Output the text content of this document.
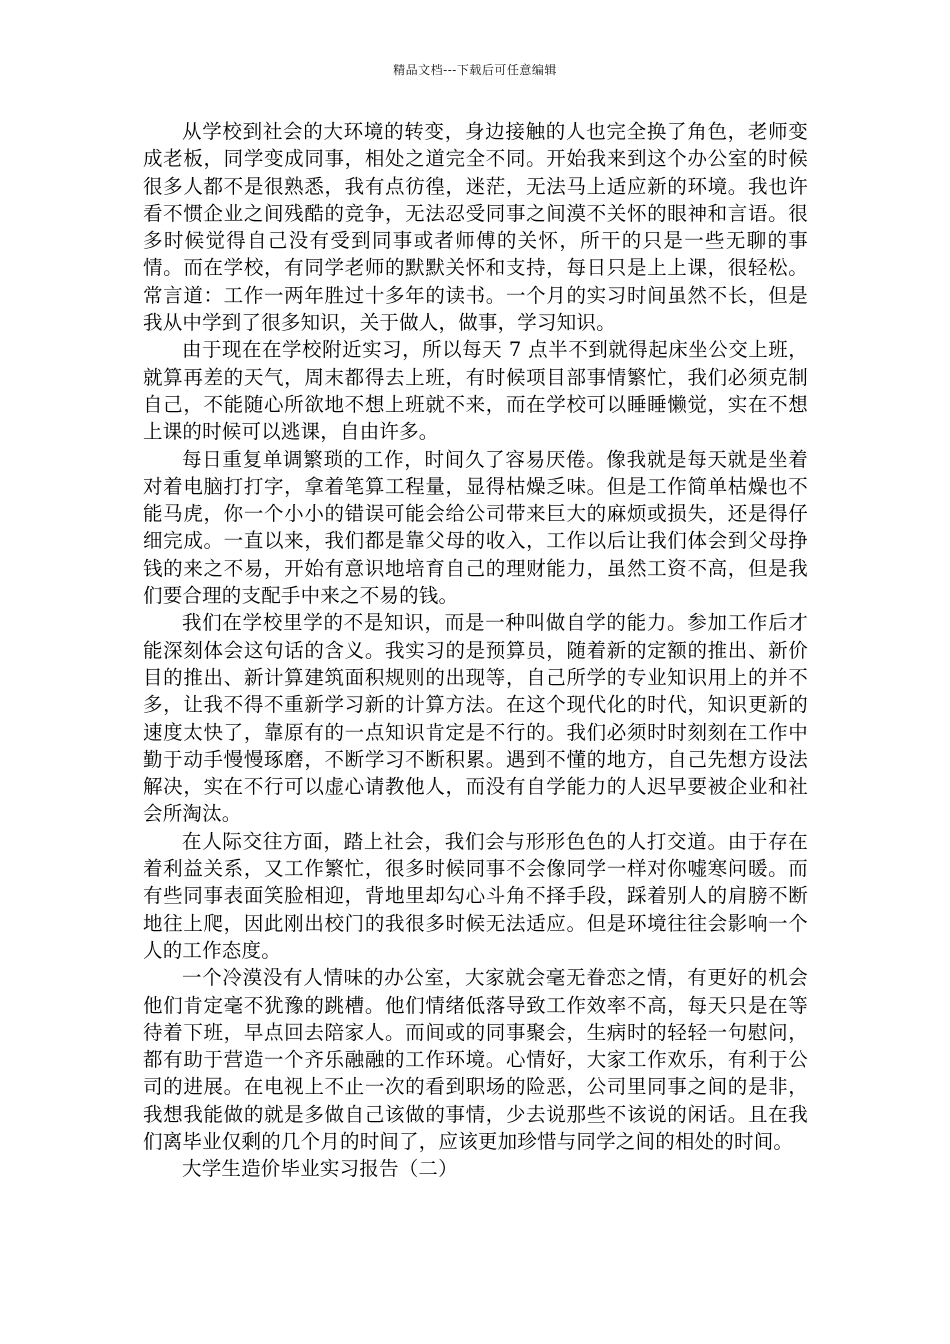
精品文档---下载后可任意编辑

从学校到社会的大环境的转变，身边接触的人也完全换了角色，老师变成老板，同学变成同事，相处之道完全不同。开始我来到这个办公室的时候很多人都不是很熟悉，我有点彷徨，迷茫，无法马上适应新的环境。我也许看不惯企业之间残酷的竞争，无法忍受同事之间漠不关怀的眼神和言语。很多时候觉得自己没有受到同事或者师傅的关怀，所干的只是一些无聊的事情。而在学校，有同学老师的默默关怀和支持，每日只是上上课，很轻松。常言道：工作一两年胜过十多年的读书。一个月的实习时间虽然不长，但是我从中学到了很多知识，关于做人，做事，学习知识。

由于现在在学校附近实习，所以每天 7 点半不到就得起床坐公交上班，就算再差的天气，周末都得去上班，有时候项目部事情繁忙，我们必须克制自己，不能随心所欲地不想上班就不来，而在学校可以睡睡懒觉，实在不想上课的时候可以逃课，自由许多。

每日重复单调繁琐的工作，时间久了容易厌倦。像我就是每天就是坐着对着电脑打打字，拿着笔算工程量，显得枯燥乏味。但是工作简单枯燥也不能马虎，你一个小小的错误可能会给公司带来巨大的麻烦或损失，还是得仔细完成。一直以来，我们都是靠父母的收入，工作以后让我们体会到父母挣钱的来之不易，开始有意识地培育自己的理财能力，虽然工资不高，但是我们要合理的支配手中来之不易的钱。

我们在学校里学的不是知识，而是一种叫做自学的能力。参加工作后才能深刻体会这句话的含义。我实习的是预算员，随着新的定额的推出、新价目的推出、新计算建筑面积规则的出现等，自己所学的专业知识用上的并不多，让我不得不重新学习新的计算方法。在这个现代化的时代，知识更新的速度太快了，靠原有的一点知识肯定是不行的。我们必须时时刻刻在工作中勤于动手慢慢琢磨，不断学习不断积累。遇到不懂的地方，自己先想方设法解决，实在不行可以虚心请教他人，而没有自学能力的人迟早要被企业和社会所淘汰。

在人际交往方面，踏上社会，我们会与形形色色的人打交道。由于存在着利益关系，又工作繁忙，很多时候同事不会像同学一样对你嘘寒问暖。而有些同事表面笑脸相迎，背地里却勾心斗角不择手段，踩着别人的肩膀不断地往上爬，因此刚出校门的我很多时候无法适应。但是环境往往会影响一个人的工作态度。

一个冷漠没有人情味的办公室，大家就会毫无眷恋之情，有更好的机会他们肯定毫不犹豫的跳槽。他们情绪低落导致工作效率不高，每天只是在等待着下班，早点回去陪家人。而间或的同事聚会，生病时的轻轻一句慰问，都有助于营造一个齐乐融融的工作环境。心情好，大家工作欢乐，有利于公司的进展。在电视上不止一次的看到职场的险恶，公司里同事之间的是非，我想我能做的就是多做自己该做的事情，少去说那些不该说的闲话。且在我们离毕业仅剩的几个月的时间了，应该更加珍惜与同学之间的相处的时间。

大学生造价毕业实习报告（二）
